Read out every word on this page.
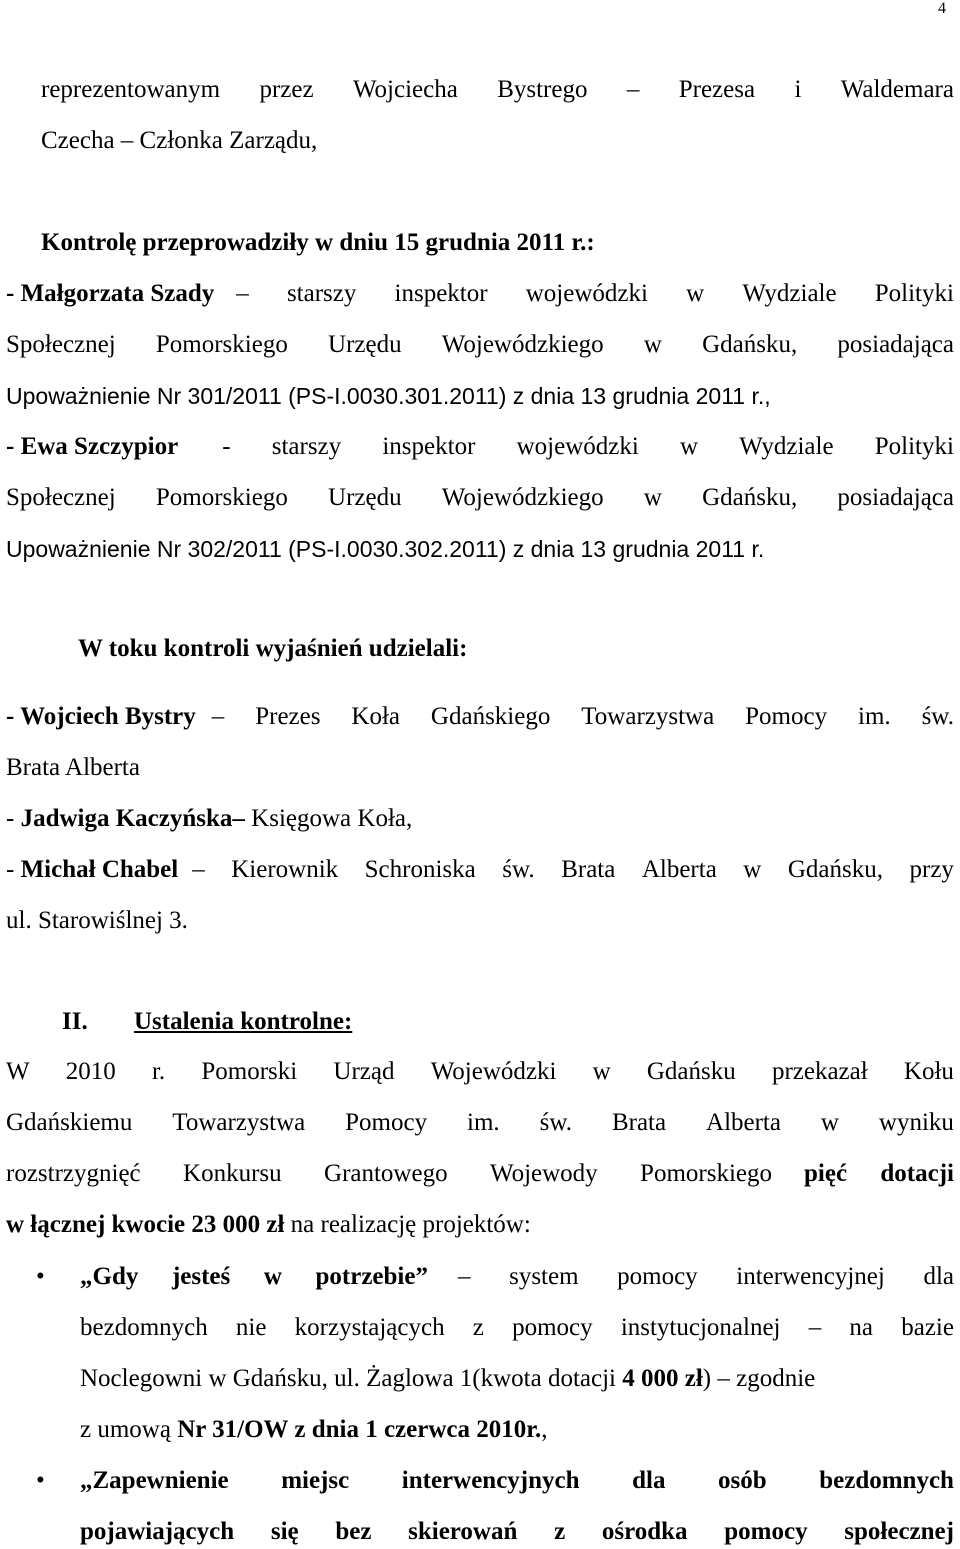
4
reprezentowanym przez Wojciecha Bystrego – Prezesa i Waldemara
Czecha – Członka Zarządu,
Kontrolę przeprowadziły w dniu 15 grudnia 2011 r.:
- Małgorzata Szady – starszy inspektor wojewódzki w Wydziale Polityki
Społecznej Pomorskiego Urzędu Wojewódzkiego w Gdańsku, posiadająca
Upoważnienie Nr 301/2011 (PS-I.0030.301.2011) z dnia 13 grudnia 2011 r.,
- Ewa Szczypior - starszy inspektor wojewódzki w Wydziale Polityki
Społecznej Pomorskiego Urzędu Wojewódzkiego w Gdańsku, posiadająca
Upoważnienie Nr 302/2011 (PS-I.0030.302.2011) z dnia 13 grudnia 2011 r.
W toku kontroli wyjaśnień udzielali:
- Wojciech Bystry – Prezes Koła Gdańskiego Towarzystwa Pomocy im. św.
Brata Alberta
- Jadwiga Kaczyńska– Księgowa Koła,
- Michał Chabel – Kierownik Schroniska św. Brata Alberta w Gdańsku, przy
ul. Starowiślnej 3.
II. Ustalenia kontrolne:
W 2010 r. Pomorski Urząd Wojewódzki w Gdańsku przekazał Kołu
Gdańskiemu Towarzystwa Pomocy im. św. Brata Alberta w wyniku
rozstrzygnięć Konkursu Grantowego Wojewody Pomorskiego pięć dotacji
w łącznej kwocie 23 000 zł na realizację projektów:
• „Gdy jesteś w potrzebie” – system pomocy interwencyjnej dla
bezdomnych nie korzystających z pomocy instytucjonalnej – na bazie
Noclegowni w Gdańsku, ul. Żaglowa 1(kwota dotacji 4 000 zł) – zgodnie
z umową Nr 31/OW z dnia 1 czerwca 2010r.,
• „Zapewnienie miejsc interwencyjnych dla osób bezdomnych
pojawiających się bez skierowań z ośrodka pomocy społecznej
